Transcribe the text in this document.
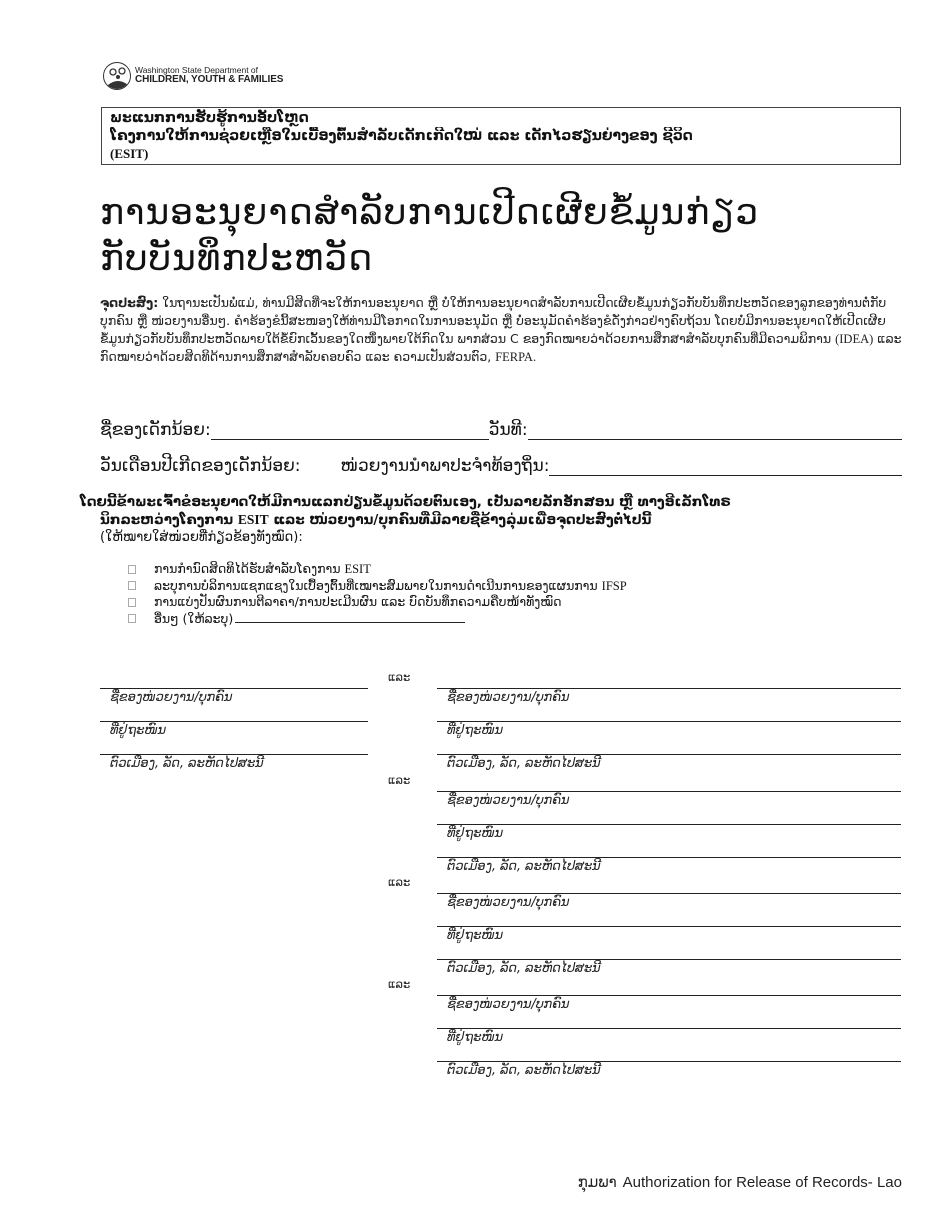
Washington State Department of
CHILDREN, YOUTH & FAMILIES
ພະແນກການຮັບຮູ້ການອັບໂຫຼດ
ໂຄງການໃຫ້ການຊ່ວຍເຫຼືອໃນເບື້ອງຕົ້ນສຳລັບເດັກເກີດໃໝ່ ແລະ ເດັກໄວຮຽນຍ່າງຂອງ ຊີວິດ
(ESIT)
ການອະນຸຍາດສຳລັບການເປີດເຜີຍຂໍ້ມູນກ່ຽວ
ກັບບັນທຶກປະຫວັດ
ຈຸດປະສົງ: ໃນຖານະເປັນພໍ່ແມ່, ທ່ານມີສິດທີ່ຈະໃຫ້ການອະນຸຍາດ ຫຼື ບໍ່ໃຫ້ການອະນຸຍາດສຳລັບການເປີດເຜີຍຂໍ້ມູນກ່ຽວກັບບັນທຶກປະຫວັດຂອງລູກຂອງທ່ານຕໍ່ກັບບຸກຄົນ ຫຼື ໜ່ວຍງານອື່ນໆ. ຄຳຮ້ອງຂໍນີ້ສະໜອງໃຫ້ທ່ານມີໂອກາດໃນການອະນຸມັດ ຫຼື ບໍ່ອະນຸມັດຄຳຮ້ອງຂໍດັ່ງກ່າວຢ່າງຄົບຖ້ວນ ໂດຍບໍ່ມີການອະນຸຍາດໃຫ້ເປີດເຜີຍຂໍ້ມູນກ່ຽວກັບບັນທຶກປະຫວັດພາຍໃຕ້ຂໍ້ຍົກເວັ້ນຂອງໃດໜຶ່ງພາຍໃຕ້ກົດໃນ ພາກສ່ວນ C ຂອງກົດໝາຍວ່າດ້ວຍການສຶກສາສຳລັບບຸກຄົນທີ່ມີຄວາມພິການ (IDEA) ແລະ ກົດໝາຍວ່າດ້ວຍສິດທິດ້ານການສຶກສາສຳລັບຄອບຄົວ ແລະ ຄວາມເປັນສ່ວນຕົວ, FERPA.
ຊື່ຂອງເດັກນ້ອຍ:	ວັນທີ:
ວັນເດືອນປີເກີດຂອງເດັກນ້ອຍ: ໜ່ວຍງານນຳພາປະຈຳທ້ອງຖິ່ນ:
ໂດຍນີ້ຂ້າພະເຈົ້າຂໍອະນຸຍາດໃຫ້ມີການແລກປ່ຽນຂໍ້ມູນດ້ວຍຕົນເອງ, ເປັນລາຍລັກອັກສອນ ຫຼື ທາງອີເລັກໂທຣ
ນິກລະຫວ່າງໂຄງການ ESIT ແລະ ໜ່ວຍງານ/ບຸກຄົນທີ່ມີລາຍຊື່ຂ້າງລຸ່ມເພື່ອຈຸດປະສົງຕໍ່ໄປນີ້
(ໃຫ້ໝາຍໃສ່ໜ່ວຍທີ່ກ່ຽວຂ້ອງທັງໝົດ):
ການກຳນົດສິດທິໄດ້ຮັບສຳລັບໂຄງການ ESIT
ລະບຸການບໍລິການແຊກແຊງໃນເບື້ອງຕົ້ນທີ່ເໝາະສົມພາຍໃນການດຳເນີນການຂອງແຜນການ IFSP
ການແບ່ງປັນຜົນການຕີລາຄາ/ການປະເມີນຜົນ ແລະ ບົດບັນທຶກຄວາມຄືບໜ້າທັງໝົດ
ອື່ນໆ (ໃຫ້ລະບຸ)
ຊື່ຂອງໜ່ວຍງານ/ບຸກຄົນ
ທີ່ຢູ່ຖະໜົນ
ຕົວເມືອງ, ລັດ, ລະຫັດໄປສະນີ
ແລະ
ແລະ
ແລະ
ແລະ
ຊື່ຂອງໜ່ວຍງານ/ບຸກຄົນ
ທີ່ຢູ່ຖະໜົນ
ຕົວເມືອງ, ລັດ, ລະຫັດໄປສະນີ
ຊື່ຂອງໜ່ວຍງານ/ບຸກຄົນ
ທີ່ຢູ່ຖະໜົນ
ຕົວເມືອງ, ລັດ, ລະຫັດໄປສະນີ
ຊື່ຂອງໜ່ວຍງານ/ບຸກຄົນ
ທີ່ຢູ່ຖະໜົນ
ຕົວເມືອງ, ລັດ, ລະຫັດໄປສະນີ
ຊື່ຂອງໜ່ວຍງານ/ບຸກຄົນ
ທີ່ຢູ່ຖະໜົນ
ຕົວເມືອງ, ລັດ, ລະຫັດໄປສະນີ
ກຸມພາ Authorization for Release of Records- Lao
